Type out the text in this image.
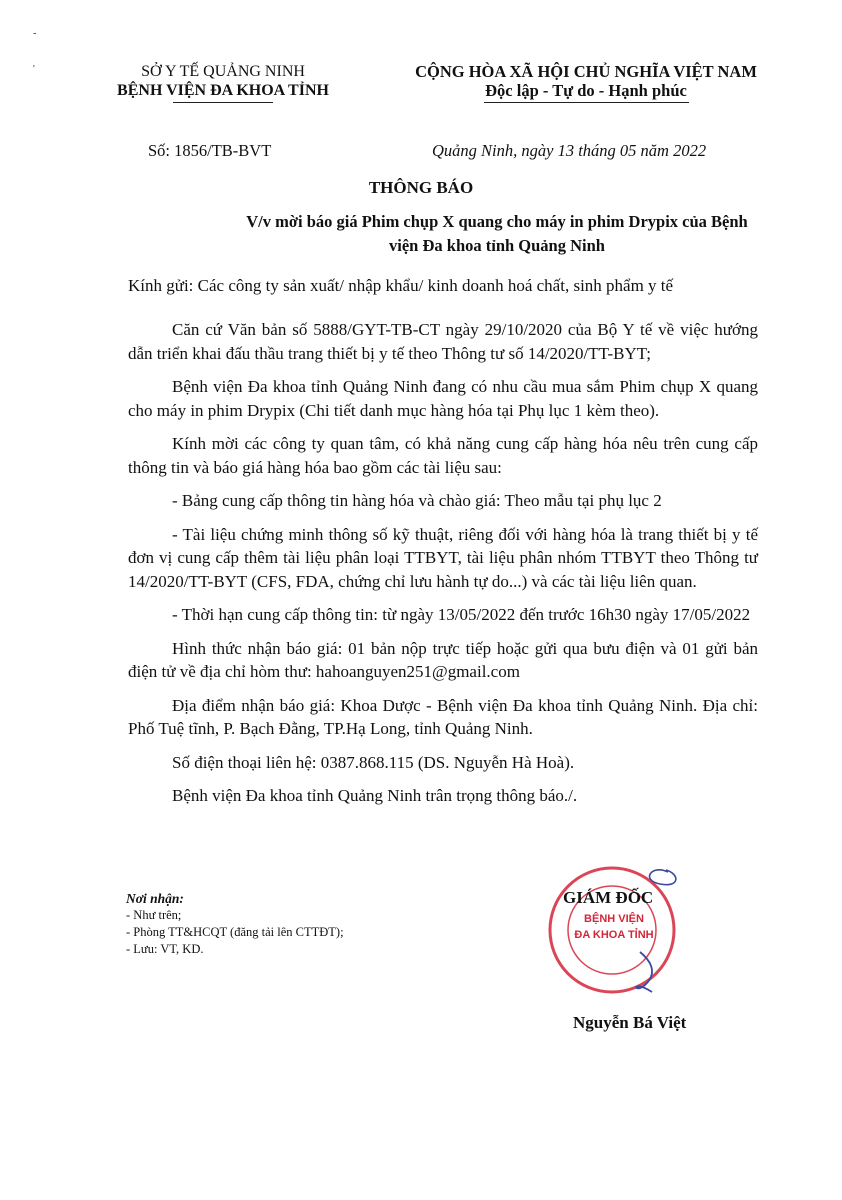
-
'	SỞ Y TẾ QUẢNG NINH
BỆNH VIỆN ĐA KHOA TỈNH
CỘNG HÒA XÃ HỘI CHỦ NGHĨA VIỆT NAM
Độc lập - Tự do - Hạnh phúc
Số: 1856/TB-BVT	Quảng Ninh, ngày 13 tháng 05 năm 2022
THÔNG BÁO
V/v mời báo giá Phim chụp X quang cho máy in phim Drypix của Bệnh viện Đa khoa tỉnh Quảng Ninh
Kính gửi: Các công ty sản xuất/ nhập khẩu/ kinh doanh hoá chất, sinh phẩm y tế

Căn cứ Văn bản số 5888/GYT-TB-CT ngày 29/10/2020 của Bộ Y tế về việc hướng dẫn triển khai đấu thầu trang thiết bị y tế theo Thông tư số 14/2020/TT-BYT;

Bệnh viện Đa khoa tỉnh Quảng Ninh đang có nhu cầu mua sắm Phim chụp X quang cho máy in phim Drypix (Chi tiết danh mục hàng hóa tại Phụ lục 1 kèm theo).

Kính mời các công ty quan tâm, có khả năng cung cấp hàng hóa nêu trên cung cấp thông tin và báo giá hàng hóa bao gồm các tài liệu sau:

- Bảng cung cấp thông tin hàng hóa và chào giá: Theo mẫu tại phụ lục 2

- Tài liệu chứng minh thông số kỹ thuật, riêng đối với hàng hóa là trang thiết bị y tế đơn vị cung cấp thêm tài liệu phân loại TTBYT, tài liệu phân nhóm TTBYT theo Thông tư 14/2020/TT-BYT (CFS, FDA, chứng chỉ lưu hành tự do...) và các tài liệu liên quan.

- Thời hạn cung cấp thông tin: từ ngày 13/05/2022 đến trước 16h30 ngày 17/05/2022

Hình thức nhận báo giá: 01 bản nộp trực tiếp hoặc gửi qua bưu điện và 01 gửi bản điện tử về địa chỉ hòm thư: hahoanguyen251@gmail.com

Địa điểm nhận báo giá: Khoa Dược - Bệnh viện Đa khoa tỉnh Quảng Ninh. Địa chỉ: Phố Tuệ tĩnh, P. Bạch Đằng, TP.Hạ Long, tỉnh Quảng Ninh.

Số điện thoại liên hệ: 0387.868.115 (DS. Nguyễn Hà Hoà).

Bệnh viện Đa khoa tỉnh Quảng Ninh trân trọng thông báo./.

Nơi nhận:
- Như trên;
- Phòng TT&HCQT (đăng tải lên CTTĐT);
- Lưu: VT, KD.
BỆNH VIỆN
ĐA KHOA TỈNH
GIÁM ĐỐC
Nguyễn Bá Việt
